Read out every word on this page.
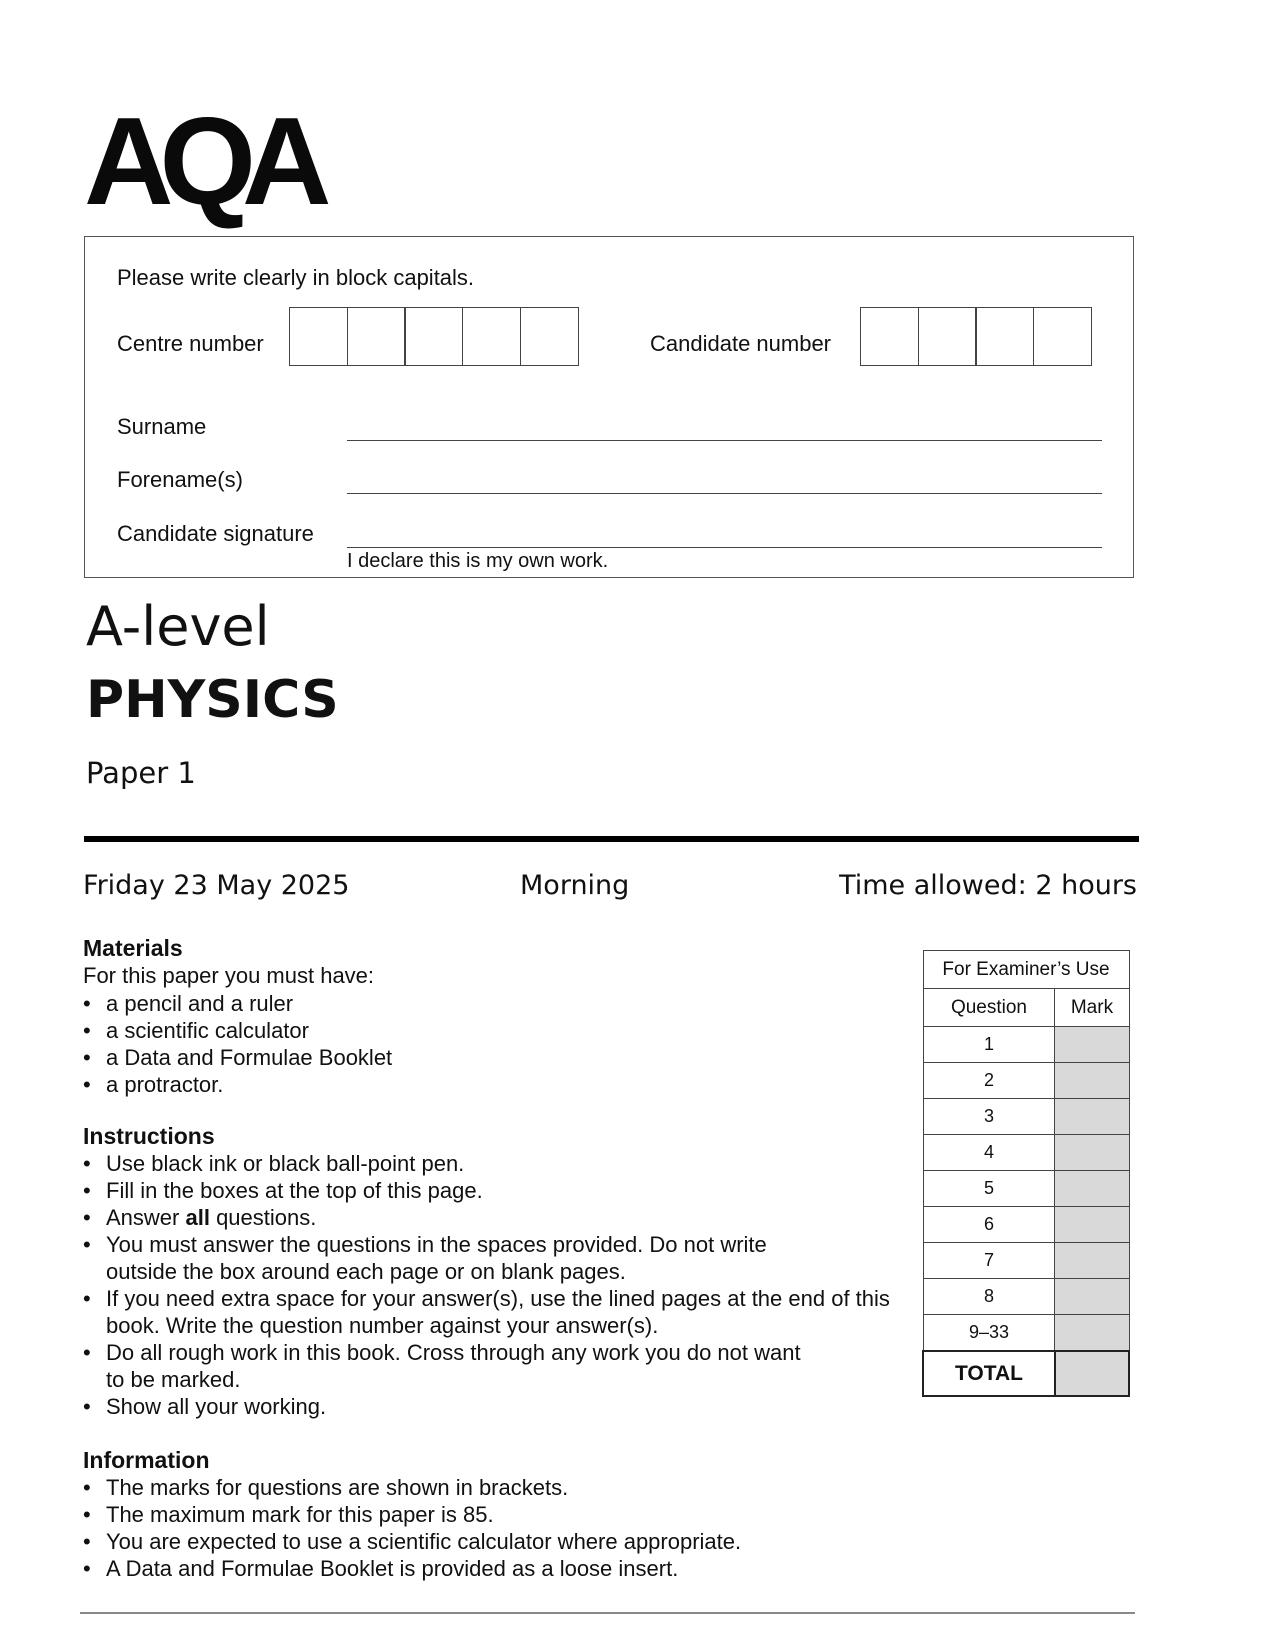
AQA
Please write clearly in block capitals.
Centre number	Candidate number
Surname
Forename(s)
Candidate signature
I declare this is my own work.
A-level
PHYSICS
Paper 1
Friday 23 May 2025	Morning	Time allowed: 2 hours
Materials
For this paper you must have:
• a pencil and a ruler
• a scientific calculator
• a Data and Formulae Booklet
• a protractor.
Instructions
• Use black ink or black ball-point pen.
• Fill in the boxes at the top of this page.
• Answer all questions.
• You must answer the questions in the spaces provided. Do not write outside the box around each page or on blank pages.
• If you need extra space for your answer(s), use the lined pages at the end of this book. Write the question number against your answer(s).
• Do all rough work in this book. Cross through any work you do not want to be marked.
• Show all your working.
Information
• The marks for questions are shown in brackets.
• The maximum mark for this paper is 85.
• You are expected to use a scientific calculator where appropriate.
• A Data and Formulae Booklet is provided as a loose insert.
For Examiner’s Use	
Question	Mark
1	
2	
3	
4	
5	
6	
7	
8	
9–33	
TOTAL	
